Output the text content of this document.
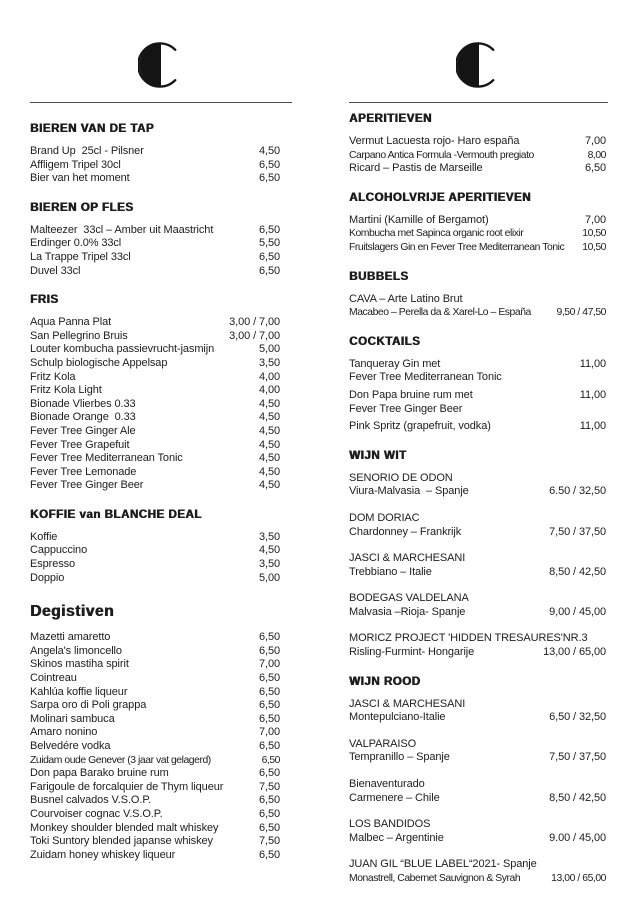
BIEREN VAN DE TAP
Brand Up  25cl - Pilsner	4,50
Affligem Tripel 30cl	6,50
Bier van het moment	6,50
BIEREN OP FLES
Malteezer  33cl – Amber uit Maastricht	6,50
Erdinger 0.0% 33cl	5,50
La Trappe Tripel 33cl	6,50
Duvel 33cl	6,50
FRIS
Aqua Panna Plat	3,00 / 7,00
San Pellegrino Bruis	3,00 / 7,00
Louter kombucha passievrucht-jasmijn	5,00
Schulp biologische Appelsap	3,50
Fritz Kola	4,00
Fritz Kola Light	4,00
Bionade Vlierbes 0.33	4,50
Bionade Orange  0.33	4,50
Fever Tree Ginger Ale	4,50
Fever Tree Grapefuit	4,50
Fever Tree Mediterranean Tonic	4,50
Fever Tree Lemonade	4,50
Fever Tree Ginger Beer	4,50
KOFFIE van BLANCHE DEAL
Koffie	3,50
Cappuccino	4,50
Espresso	3,50
Doppio	5,00
Degistiven
Mazetti amaretto	6,50
Angela's limoncello	6,50
Skinos mastiha spirit	7,00
Cointreau	6,50
Kahlúa koffie liqueur	6,50
Sarpa oro di Poli grappa	6,50
Molinari sambuca	6,50
Amaro nonino	7,00
Belvedére vodka	6,50
Zuidam oude Genever (3 jaar vat gelagerd)	6,50
Don papa Barako bruine rum	6,50
Farigoule de forcalquier de Thym liqueur	7,50
Busnel calvados V.S.O.P.	6,50
Courvoiser cognac V.S.O.P.	6,50
Monkey shoulder blended malt whiskey	6,50
Toki Suntory blended japanse whiskey	7,50
Zuidam honey whiskey liqueur	6,50
APERITIEVEN
Vermut Lacuesta rojo- Haro españa	7,00
Carpano Antica Formula -Vermouth pregiato	8,00
Ricard – Pastis de Marseille	6,50
ALCOHOLVRIJE APERITIEVEN
Martini (Kamille of Bergamot)	7,00
Kombucha met Sapinca organic root elixir	10,50
Fruitslagers Gin en Fever Tree Mediterranean Tonic 10,50
BUBBELS
CAVA – Arte Latino Brut
Macabeo – Perella da & Xarel-Lo – España 9,50 / 47,50
COCKTAILS
Tanqueray Gin met	11,00
Fever Tree Mediterranean Tonic
Don Papa bruine rum met	11,00
Fever Tree Ginger Beer
Pink Spritz (grapefruit, vodka)	11,00
WIJN WIT
SENORIO DE ODON
Viura-Malvasia  – Spanje	6.50 / 32,50
DOM DORIAC
Chardonney – Frankrijk	7,50 / 37,50
JASCI & MARCHESANI
Trebbiano – Italie	8,50 / 42,50
BODEGAS VALDELANA
Malvasia –Rioja- Spanje	9,00 / 45,00
MORICZ PROJECT 'HIDDEN TRESAURES'NR.3
Risling-Furmint- Hongarije	13,00 / 65,00
WIJN ROOD
JASCI & MARCHESANI
Montepulciano-Italie	6,50 / 32,50
VALPARAISO
Tempranillo – Spanje	7,50 / 37,50
Bienaventurado
Carmenere – Chile	8,50 / 42,50
LOS BANDIDOS
Malbec – Argentinie	9.00 / 45,00
JUAN GIL “BLUE LABEL“2021- Spanje
Monastrell, Cabernet Sauvignon & Syrah	13,00 / 65,00
